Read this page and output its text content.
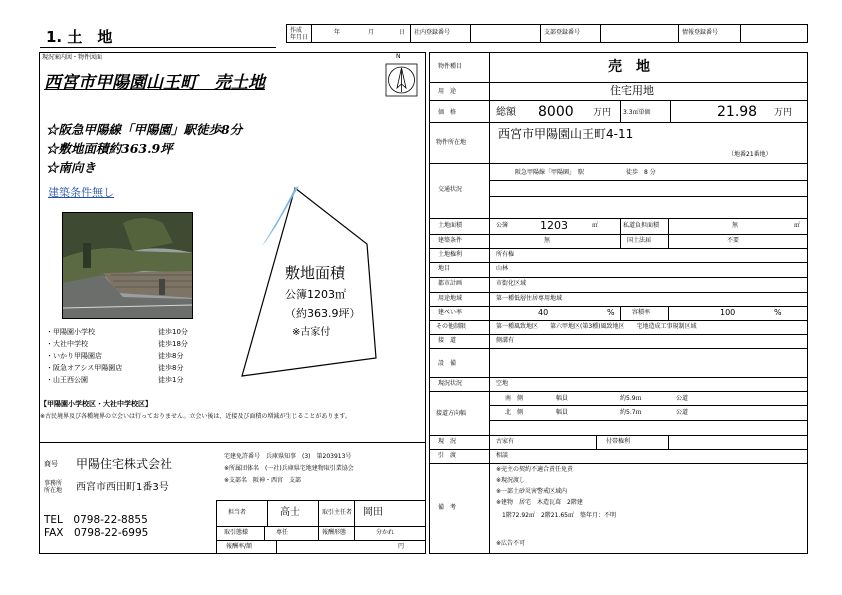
1. 土　地	作成
年月日
年	月	日 社内登録番号	支部登録番号	情報登録番号
現況案内図・物件図面
西宮市甲陽園山王町　売土地
N
☆阪急甲陽線「甲陽園」駅徒歩8分
☆敷地面積約363.9坪
☆南向き
建築条件無し
敷地面積
公簿1203㎡
（約363.9坪）
※古家付
・甲陽園小学校	徒歩10分
・大社中学校	徒歩18分
・いかり甲陽園店	徒歩8分
・阪急オアシス甲陽園店	徒歩8分
・山王西公園	徒歩1分
【甲陽園小学校区・大社中学校区】
※古民境界及び各種境界の立会いは行っておりません。立会い後は、近接及び面積の増減が生じることがあります。
商号 甲陽住宅株式会社
事務所
所在地 西宮市西田町1番3号
TEL　0798-22-8855
FAX　0798-22-6995
宅建免許番号　兵庫県知事　(3)　第203913号
※所属団体名　(一社)兵庫県宅地建物取引業協会
※支部名　阪神・西宮　支部
担当者	高士	取引主任者 岡田
取引態様	専任	報酬形態	分かれ
報酬率/額	円
物件種目	売　地
用　途	住宅用地
価　格	総額 8000 万円 3.3㎡単価	21.98 万円
物件所在地
西宮市甲陽園山王町4-11
（地番21番地）
交通状況
阪急甲陽線「甲陽園」　駅　　　　　　　徒歩　8 分
土地面積	公簿	1203	㎡	私道負担面積	無	㎡
建築条件	無	国土法届	不要
土地権利	所有権
地目	山林
都市計画	市街化区域
用途地域	第一種低層住居専用地域
建ぺい率	40	%	容積率	100	%
その他制限	第一種風致地区　　第六甲地区(第3種)風致地区　　宅地造成工事規制区域
接　道	側溝有
設　備
現況状況	空地
接道方向幅
南　側	幅員	約5.9ｍ	公道
北　側	幅員	約5.7ｍ	公道
現　況	古家有	付帯権利
引　渡	相談
備　考
※売主の契約不適合責任免責
※現況渡し
※一部土砂災害警戒区域内
※建物　居宅　木造瓦葺　2階建
　1階72.92㎡　2階21.65㎡　築年月：不明
※広告不可
